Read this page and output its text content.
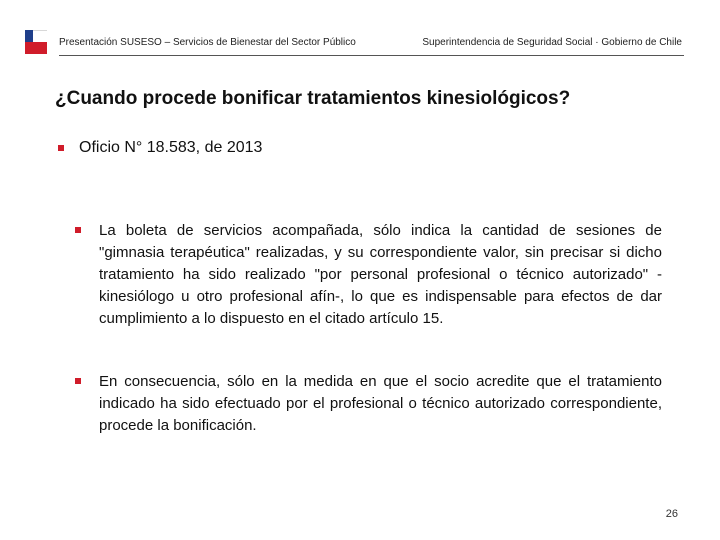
Presentación SUSESO – Servicios de Bienestar del Sector Público	Superintendencia de Seguridad Social · Gobierno de Chile
¿Cuando procede bonificar tratamientos kinesiológicos?
Oficio N° 18.583, de 2013

La boleta de servicios acompañada, sólo indica la cantidad de sesiones de "gimnasia terapéutica" realizadas, y su correspondiente valor, sin precisar si dicho tratamiento ha sido realizado "por personal profesional o técnico autorizado" -kinesiólogo u otro profesional afín-, lo que es indispensable para efectos de dar cumplimiento a lo dispuesto en el citado artículo 15.

En consecuencia, sólo en la medida en que el socio acredite que el tratamiento indicado ha sido efectuado por el profesional o técnico autorizado correspondiente, procede la bonificación.

26
